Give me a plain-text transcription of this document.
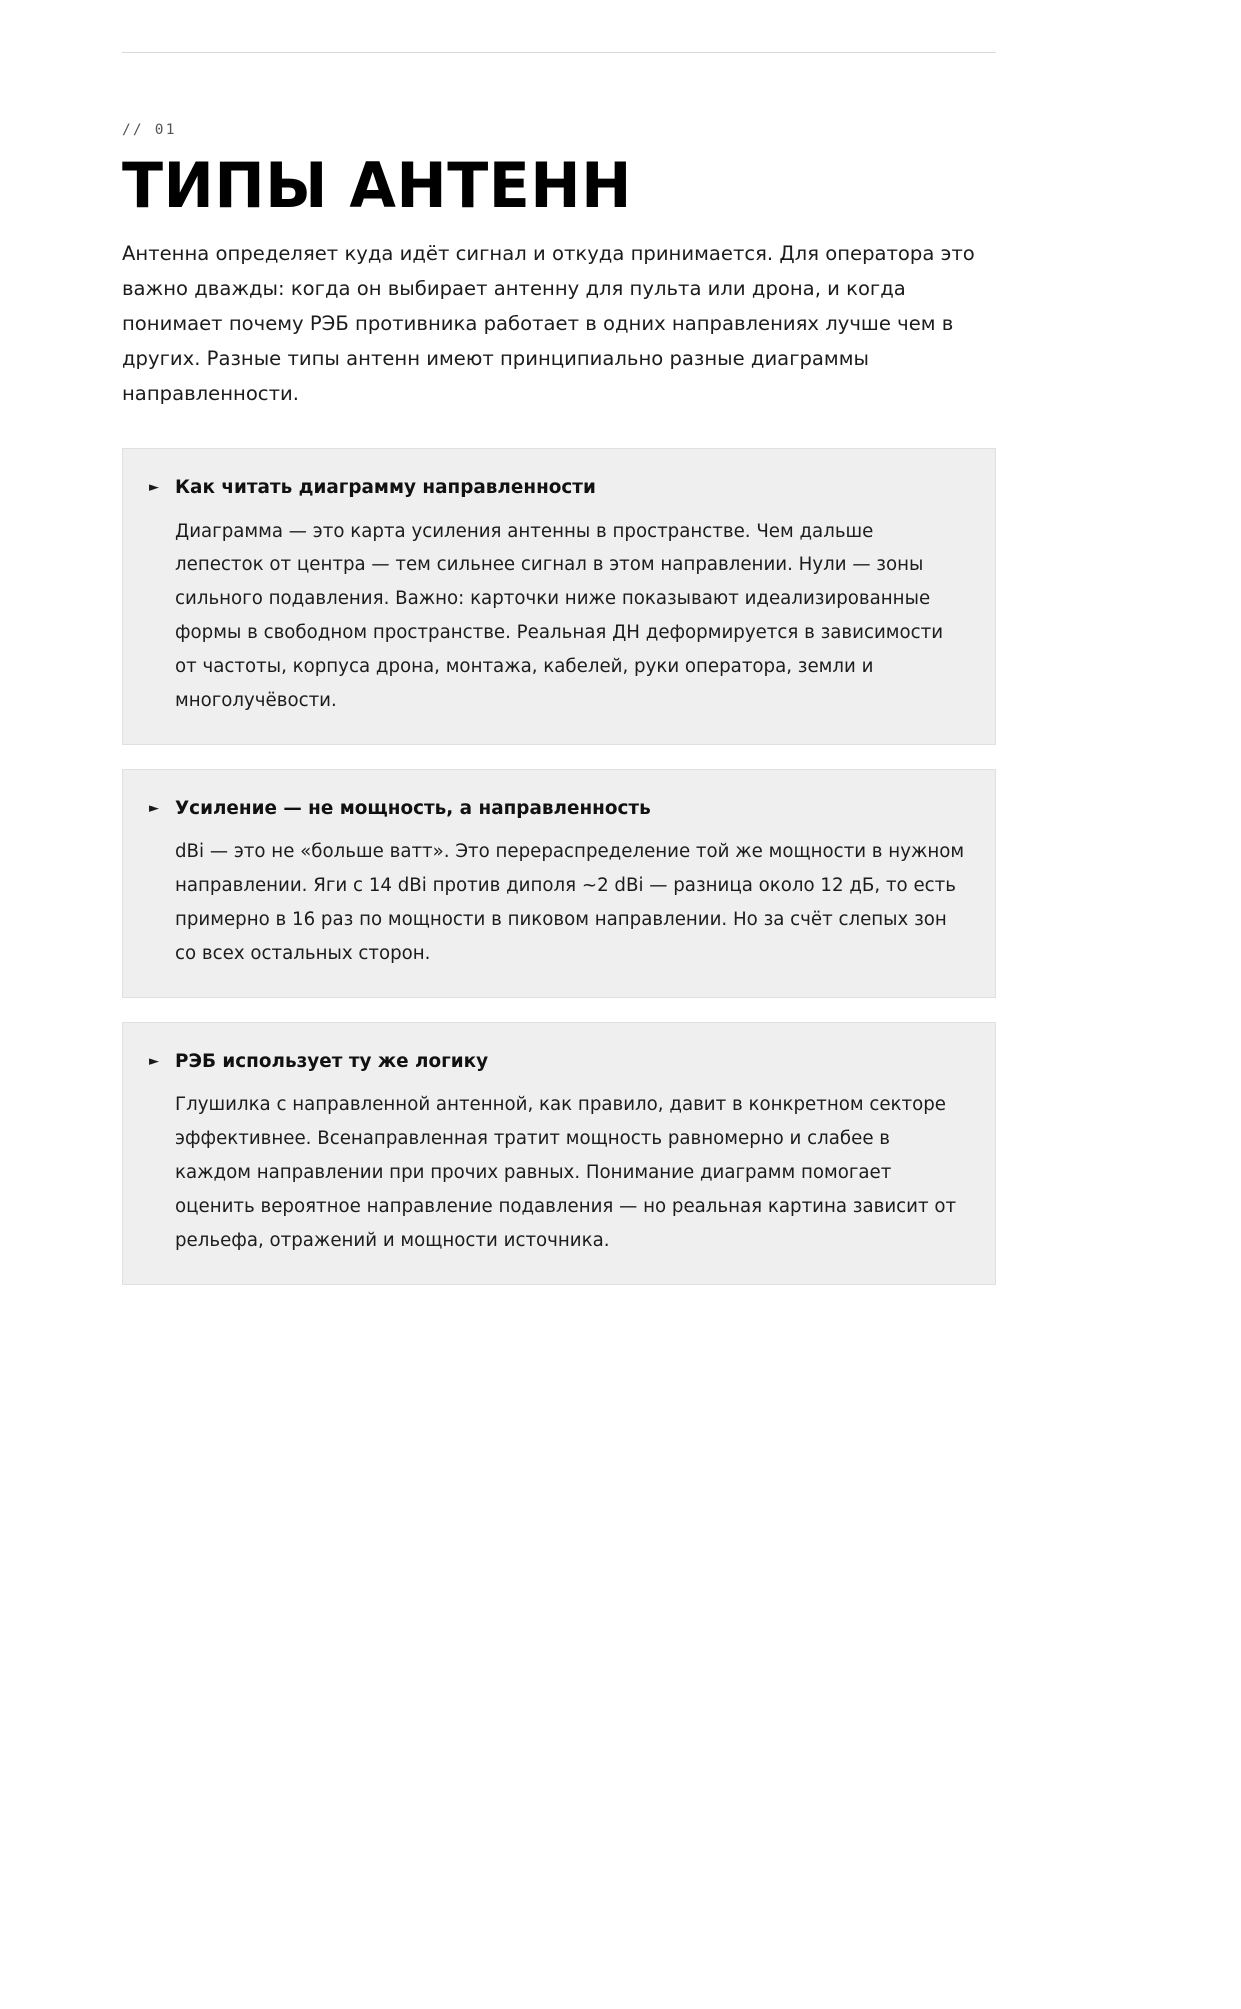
// 01
ТИПЫ АНТЕНН

Антенна определяет куда идёт сигнал и откуда принимается. Для оператора это важно дважды: когда он выбирает антенну для пульта или дрона, и когда понимает почему РЭБ противника работает в одних направлениях лучше чем в других. Разные типы антенн имеют принципиально разные диаграммы направленности.

► Как читать диаграмму направленности

Диаграмма — это карта усиления антенны в пространстве. Чем дальше лепесток от центра — тем сильнее сигнал в этом направлении. Нули — зоны сильного подавления. Важно: карточки ниже показывают идеализированные формы в свободном пространстве. Реальная ДН деформируется в зависимости от частоты, корпуса дрона, монтажа, кабелей, руки оператора, земли и многолучёвости.

► Усиление — не мощность, а направленность

dBi — это не «больше ватт». Это перераспределение той же мощности в нужном направлении. Яги с 14 dBi против диполя ~2 dBi — разница около 12 дБ, то есть примерно в 16 раз по мощности в пиковом направлении. Но за счёт слепых зон со всех остальных сторон.

► РЭБ использует ту же логику

Глушилка с направленной антенной, как правило, давит в конкретном секторе эффективнее. Всенаправленная тратит мощность равномерно и слабее в каждом направлении при прочих равных. Понимание диаграмм помогает оценить вероятное направление подавления — но реальная картина зависит от рельефа, отражений и мощности источника.
